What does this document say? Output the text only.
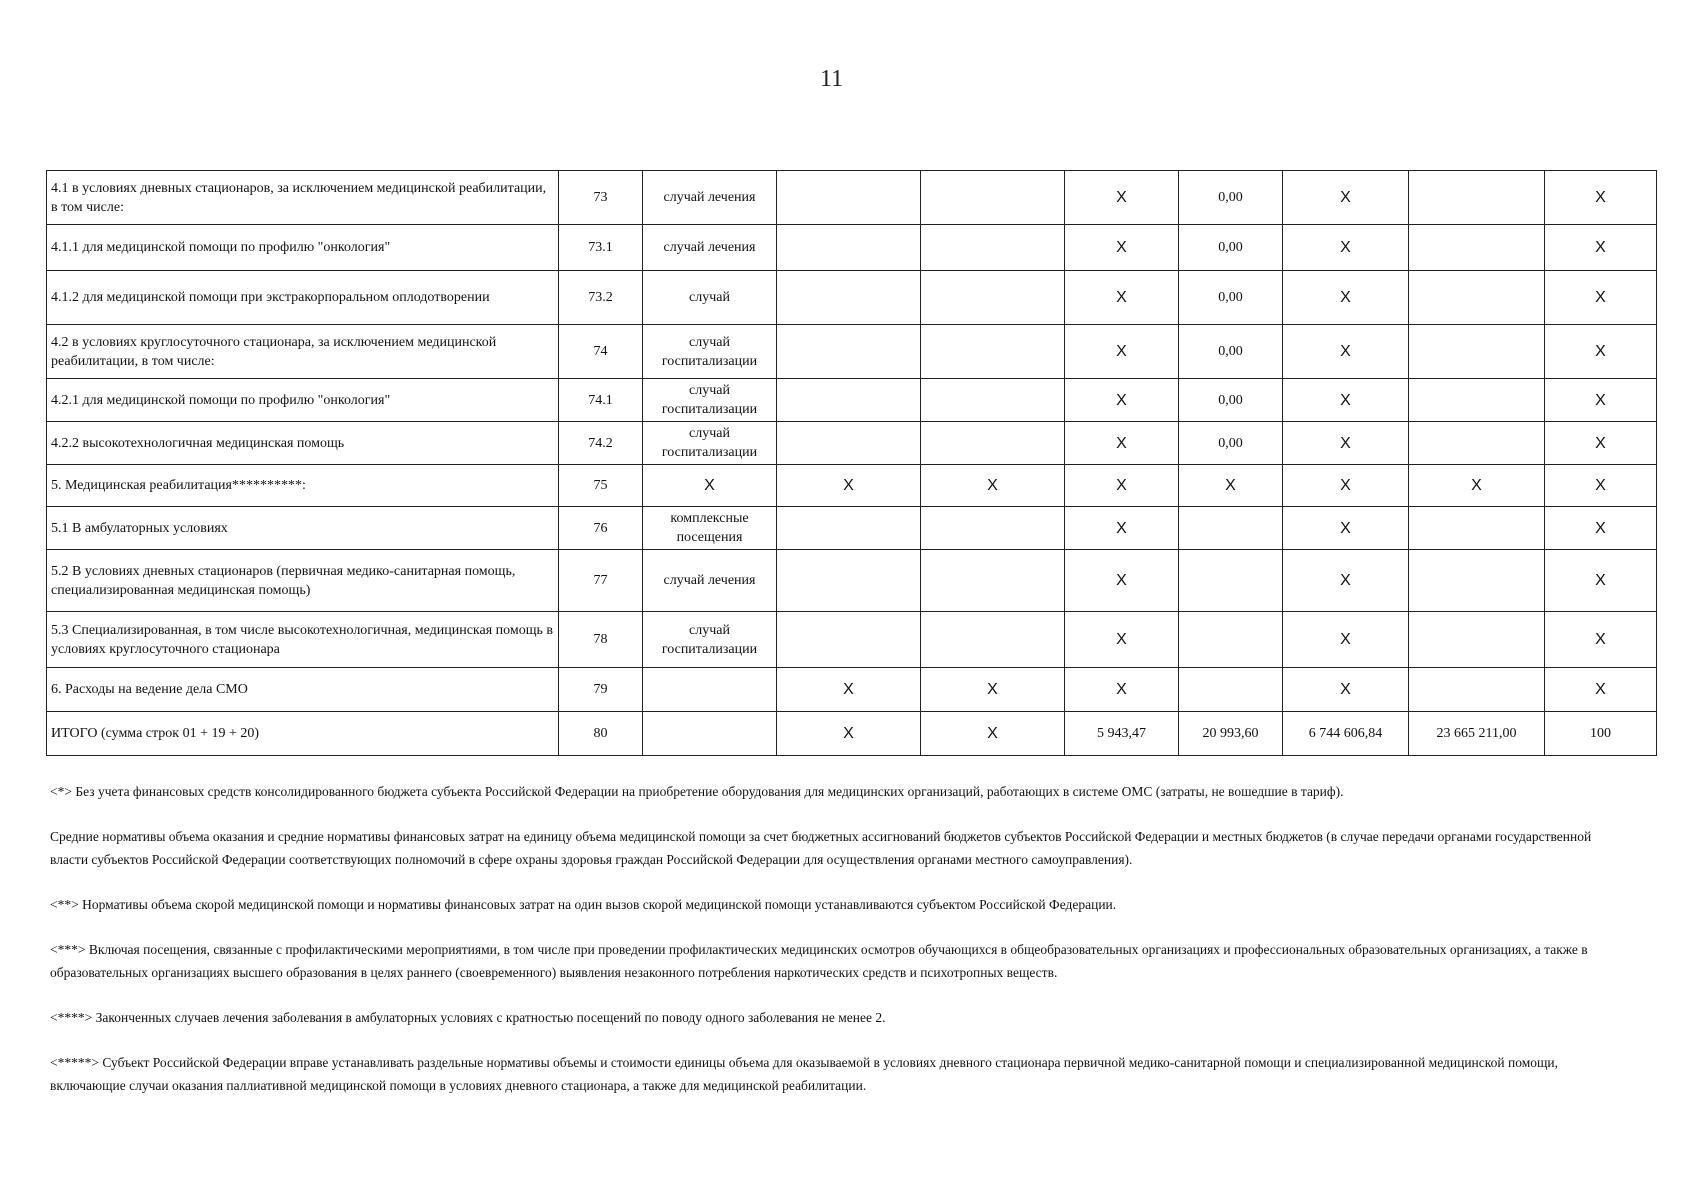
11
4.1 в условиях дневных стационаров, за исключением медицинской реабилитации, в том числе:	73	случай лечения			X	0,00	X		X
4.1.1 для медицинской помощи по профилю "онкология"	73.1	случай лечения			X	0,00	X		X
4.1.2 для медицинской помощи при экстракорпоральном оплодотворении	73.2	случай			X	0,00	X		X
4.2 в условиях круглосуточного стационара, за исключением медицинской реабилитации, в том числе:	74	случай госпитализации			X	0,00	X		X
4.2.1 для медицинской помощи по профилю "онкология"	74.1	случай госпитализации			X	0,00	X		X
4.2.2 высокотехнологичная медицинская помощь	74.2	случай госпитализации			X	0,00	X		X
5. Медицинская реабилитация**********:	75	X	X	X	X	X	X	X	X
5.1 В амбулаторных условиях	76	комплексные посещения			X		X		X
5.2 В условиях дневных стационаров (первичная медико-санитарная помощь, специализированная медицинская помощь)	77	случай лечения			X		X		X
5.3 Специализированная, в том числе высокотехнологичная, медицинская помощь в условиях круглосуточного стационара	78	случай госпитализации			X		X		X
6. Расходы на ведение дела СМО	79		X	X	X		X		X
ИТОГО (сумма строк 01 + 19 + 20)	80		X	X	5 943,47	20 993,60	6 744 606,84	23 665 211,00	100

<*> Без учета финансовых средств консолидированного бюджета субъекта Российской Федерации на приобретение оборудования для медицинских организаций, работающих в системе ОМС (затраты, не вошедшие в тариф).

Средние нормативы объема оказания и средние нормативы финансовых затрат на единицу объема медицинской помощи за счет бюджетных ассигнований бюджетов субъектов Российской Федерации и местных бюджетов (в случае передачи органами государственной власти субъектов Российской Федерации соответствующих полномочий в сфере охраны здоровья граждан Российской Федерации для осуществления органами местного самоуправления).

<**> Нормативы объема скорой медицинской помощи и нормативы финансовых затрат на один вызов скорой медицинской помощи устанавливаются субъектом Российской Федерации.

<***> Включая посещения, связанные с профилактическими мероприятиями, в том числе при проведении профилактических медицинских осмотров обучающихся в общеобразовательных организациях и профессиональных образовательных организациях, а также в образовательных организациях высшего образования в целях раннего (своевременного) выявления незаконного потребления наркотических средств и психотропных веществ.

<****> Законченных случаев лечения заболевания в амбулаторных условиях с кратностью посещений по поводу одного заболевания не менее 2.

<*****> Субъект Российской Федерации вправе устанавливать раздельные нормативы объемы и стоимости единицы объема для оказываемой в условиях дневного стационара первичной медико-санитарной помощи и специализированной медицинской помощи, включающие случаи оказания паллиативной медицинской помощи в условиях дневного стационара, а также для медицинской реабилитации.
